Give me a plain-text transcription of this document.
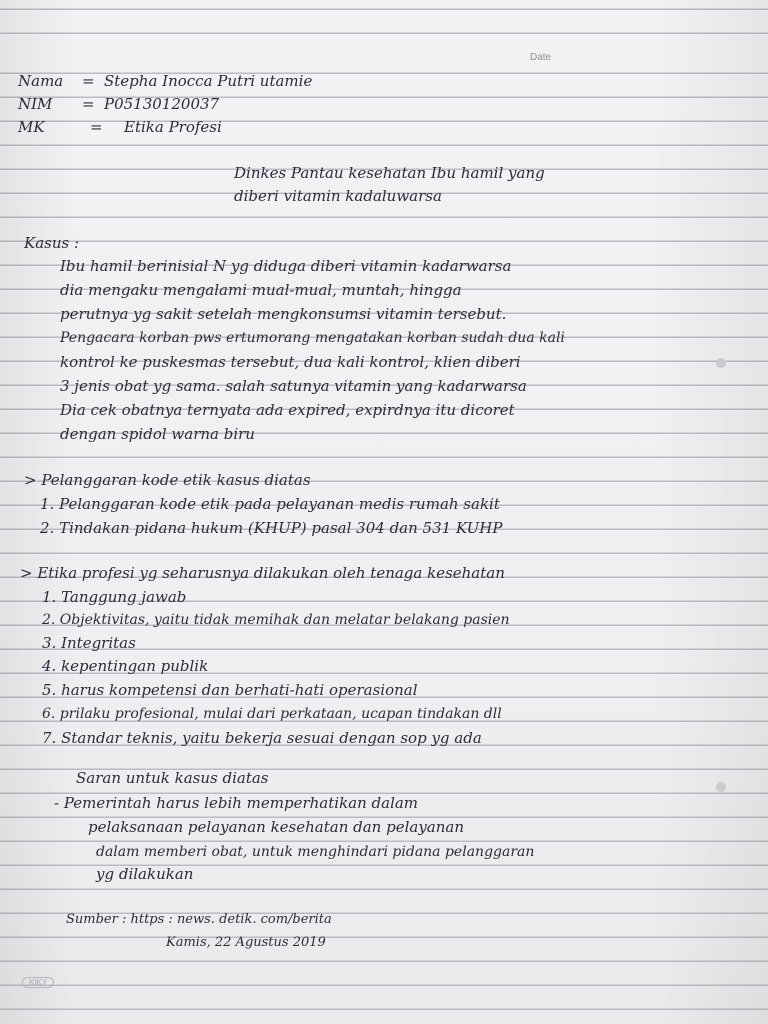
Date
Nama	= Stepha Inocca Putri utamie
NIM	= P05130120037
MK	= Etika Profesi
Dinkes Pantau kesehatan Ibu hamil yang
diberi vitamin kadaluwarsa
Kasus :
Ibu hamil berinisial N yg diduga diberi vitamin kadarwarsa
dia mengaku mengalami mual-mual, muntah, hingga
perutnya yg sakit setelah mengkonsumsi vitamin tersebut.
Pengacara korban pws ertumorang mengatakan korban sudah dua kali
kontrol ke puskesmas tersebut, dua kali kontrol, klien diberi
3 jenis obat yg sama. salah satunya vitamin yang kadarwarsa
Dia cek obatnya ternyata ada expired, expirdnya itu dicoret
dengan spidol warna biru
> Pelanggaran kode etik kasus diatas
1. Pelanggaran kode etik pada pelayanan medis rumah sakit
2. Tindakan pidana hukum (KHUP) pasal 304 dan 531 KUHP
> Etika profesi yg seharusnya dilakukan oleh tenaga kesehatan
1. Tanggung jawab
2. Objektivitas, yaitu tidak memihak dan melatar belakang pasien
3. Integritas
4. kepentingan publik
5. harus kompetensi dan berhati-hati operasional
6. prilaku profesional, mulai dari perkataan, ucapan tindakan dll
7. Standar teknis, yaitu bekerja sesuai dengan sop yg ada
Saran untuk kasus diatas
- Pemerintah harus lebih memperhatikan dalam
pelaksanaan pelayanan kesehatan dan pelayanan
dalam memberi obat, untuk menghindari pidana pelanggaran
yg dilakukan
Sumber : https : news. detik. com/berita
Kamis, 22 Agustus 2019
KIKY
